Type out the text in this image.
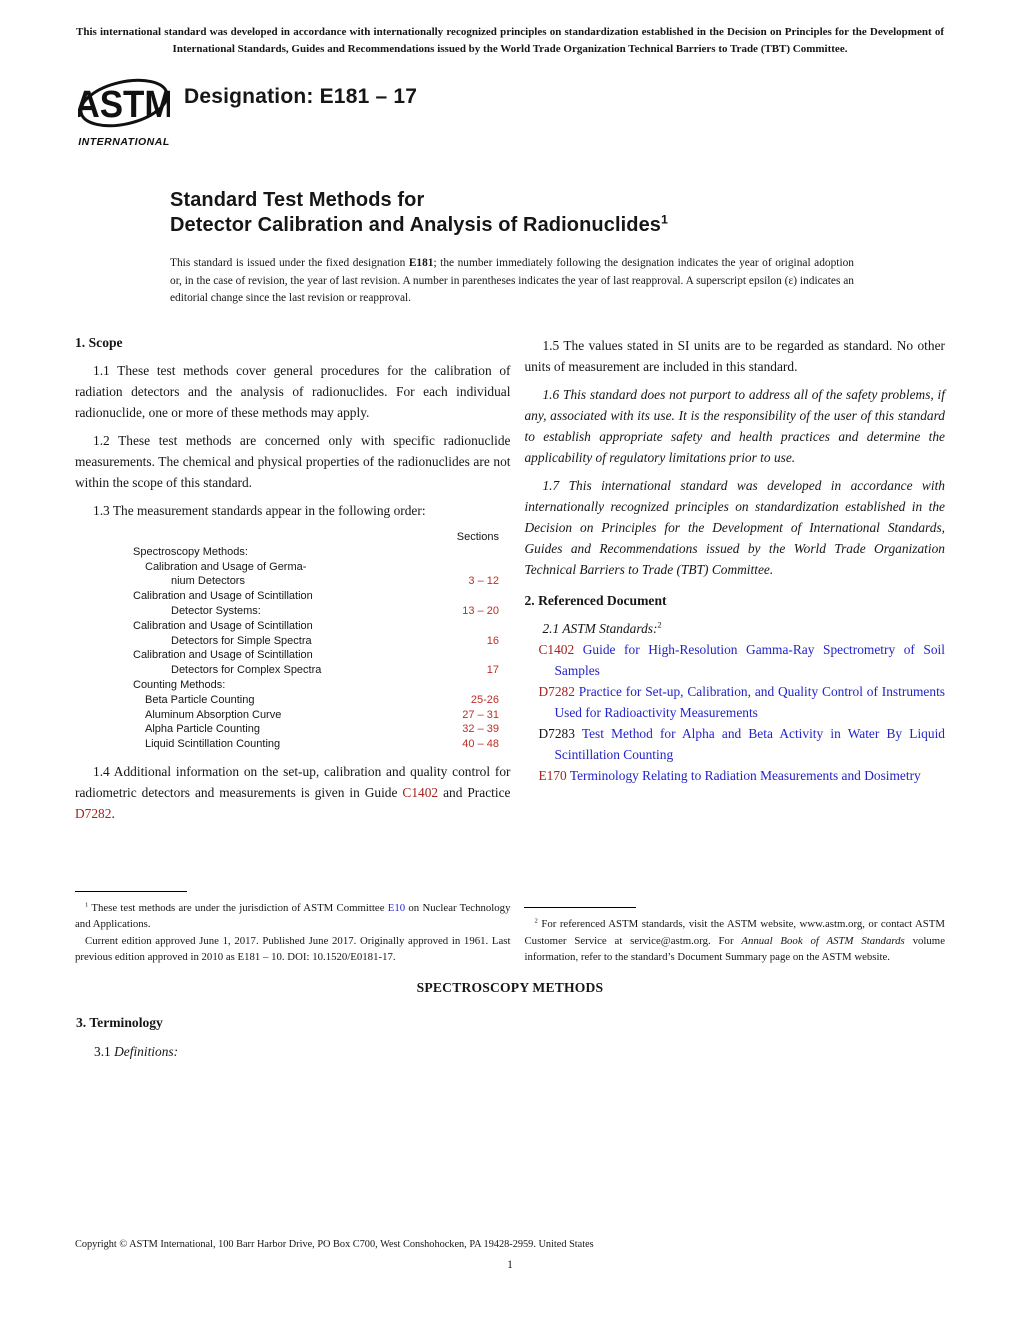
This international standard was developed in accordance with internationally recognized principles on standardization established in the Decision on Principles for the Development of International Standards, Guides and Recommendations issued by the World Trade Organization Technical Barriers to Trade (TBT) Committee.
ASTM
INTERNATIONAL
Designation: E181 – 17
Standard Test Methods for
Detector Calibration and Analysis of Radionuclides$^1$
This standard is issued under the fixed designation E181; the number immediately following the designation indicates the year of original adoption or, in the case of revision, the year of last revision. A number in parentheses indicates the year of last reapproval. A superscript epsilon (ε) indicates an editorial change since the last revision or reapproval.
1. Scope

1.1 These test methods cover general procedures for the calibration of radiation detectors and the analysis of radionuclides. For each individual radionuclide, one or more of these methods may apply.

1.2 These test methods are concerned only with specific radionuclide measurements. The chemical and physical properties of the radionuclides are not within the scope of this standard.

1.3 The measurement standards appear in the following order:

Sections
Spectroscopy Methods:
Calibration and Usage of Germa-
nium Detectors	3 – 12
Calibration and Usage of Scintillation
Detector Systems:	13 – 20
Calibration and Usage of Scintillation
Detectors for Simple Spectra	16
Calibration and Usage of Scintillation
Detectors for Complex Spectra	17
Counting Methods:
Beta Particle Counting	25-26
Aluminum Absorption Curve	27 – 31
Alpha Particle Counting	32 – 39
Liquid Scintillation Counting	40 – 48

1.4 Additional information on the set-up, calibration and quality control for radiometric detectors and measurements is given in Guide C1402 and Practice D7282.

$^1$ These test methods are under the jurisdiction of ASTM Committee E10 on Nuclear Technology and Applications.

Current edition approved June 1, 2017. Published June 2017. Originally approved in 1961. Last previous edition approved in 2010 as E181 – 10. DOI: 10.1520/E0181-17.

1.5 The values stated in SI units are to be regarded as standard. No other units of measurement are included in this standard.

1.6 This standard does not purport to address all of the safety problems, if any, associated with its use. It is the responsibility of the user of this standard to establish appropriate safety and health practices and determine the applicability of regulatory limitations prior to use.

1.7 This international standard was developed in accordance with internationally recognized principles on standardization established in the Decision on Principles for the Development of International Standards, Guides and Recommendations issued by the World Trade Organization Technical Barriers to Trade (TBT) Committee.

2. Referenced Document

2.1 ASTM Standards:$^2$

C1402 Guide for High-Resolution Gamma-Ray Spectrometry of Soil Samples

D7282 Practice for Set-up, Calibration, and Quality Control of Instruments Used for Radioactivity Measurements

D7283 Test Method for Alpha and Beta Activity in Water By Liquid Scintillation Counting

E170 Terminology Relating to Radiation Measurements and Dosimetry

$^2$ For referenced ASTM standards, visit the ASTM website, www.astm.org, or contact ASTM Customer Service at service@astm.org. For Annual Book of ASTM Standards volume information, refer to the standard’s Document Summary page on the ASTM website.

SPECTROSCOPY METHODS
3. Terminology
3.1 Definitions:
Copyright © ASTM International, 100 Barr Harbor Drive, PO Box C700, West Conshohocken, PA 19428-2959. United States
1
